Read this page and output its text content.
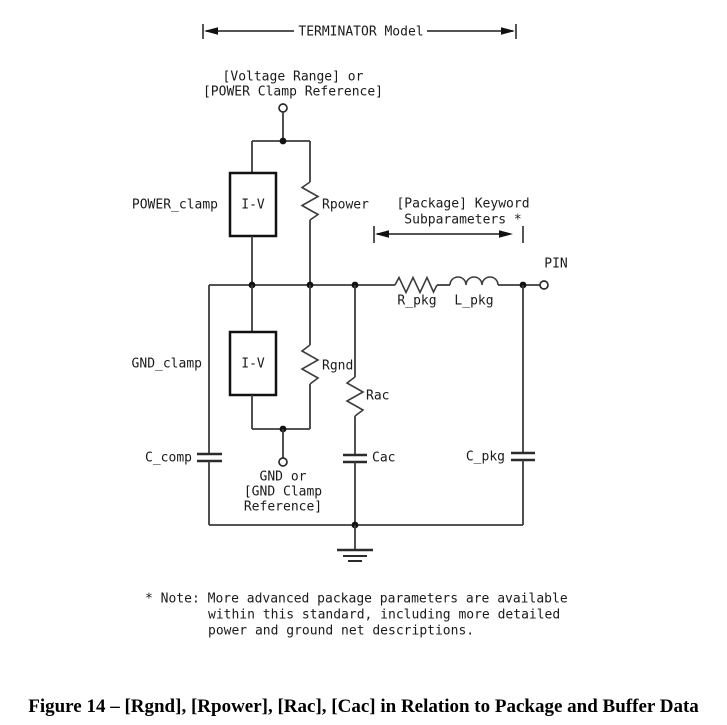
TERMINATOR Model
[Voltage Range] or
[POWER Clamp Reference]
I-V
POWER_clamp	Rpower [Package] Keyword
Subparameters *
R_pkg L_pkg
PIN
C_pkg
I-V
GND_clamp	Rgnd
GND or
[GND Clamp
Reference]
Rac
Cac
C_comp
* Note: More advanced package parameters are available
within this standard, including more detailed
power and ground net descriptions.
Figure 14 – [Rgnd], [Rpower], [Rac], [Cac] in Relation to Package and Buffer Data
